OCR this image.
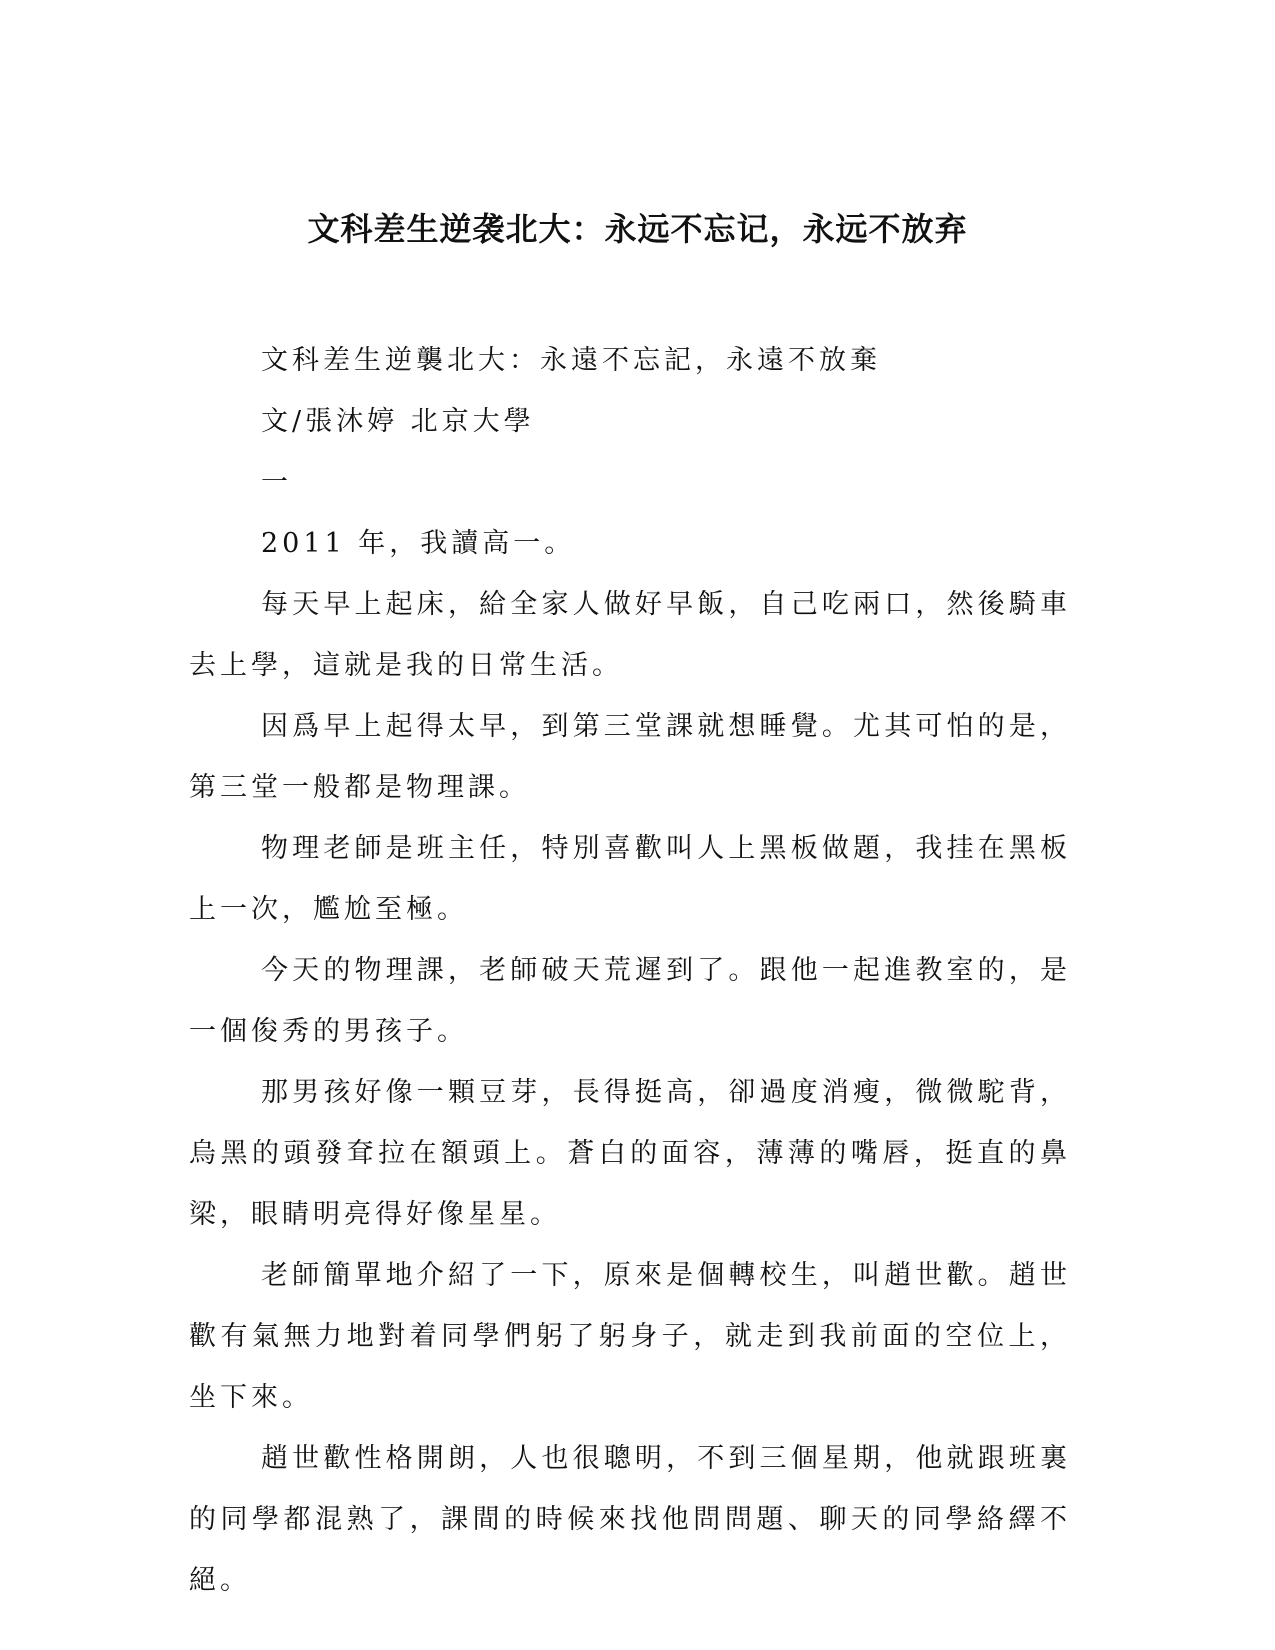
文科差生逆袭北大：永远不忘记，永远不放弃

文科差生逆襲北大：永遠不忘記，永遠不放棄

文/張沐婷 北京大學

一

2011 年，我讀高一。

每天早上起床，給全家人做好早飯，自己吃兩口，然後騎車去上學，這就是我的日常生活。

因爲早上起得太早，到第三堂課就想睡覺。尤其可怕的是，第三堂一般都是物理課。

物理老師是班主任，特別喜歡叫人上黑板做題，我挂在黑板上一次，尷尬至極。

今天的物理課，老師破天荒遲到了。跟他一起進教室的，是一個俊秀的男孩子。

那男孩好像一顆豆芽，長得挺高，卻過度消瘦，微微駝背，烏黑的頭發耷拉在額頭上。蒼白的面容，薄薄的嘴唇，挺直的鼻梁，眼睛明亮得好像星星。

老師簡單地介紹了一下，原來是個轉校生，叫趙世歡。趙世歡有氣無力地對着同學們躬了躬身子，就走到我前面的空位上，坐下來。

趙世歡性格開朗，人也很聰明，不到三個星期，他就跟班裏的同學都混熟了，課間的時候來找他問問題、聊天的同學絡繹不絕。
